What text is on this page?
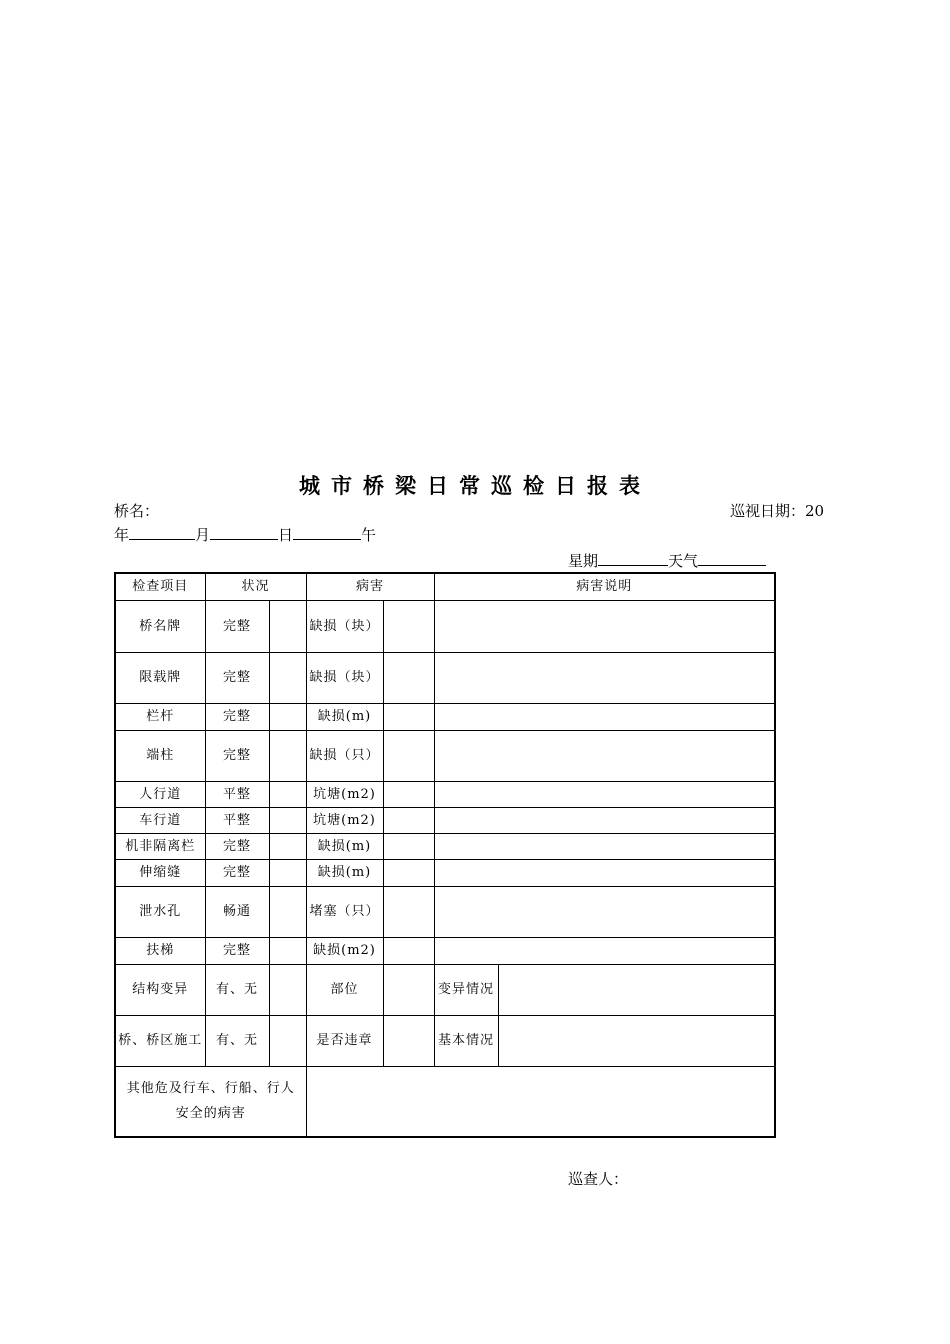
城市桥梁日常巡检日报表
桥名：	巡视日期：20
年	月	日	午
星期	天气
检查项目	状况		病害		病害说明	
桥名牌	完整		缺损（块）			
限载牌	完整		缺损（块）			
栏杆	完整		缺损(m)			
端柱	完整		缺损（只）			
人行道	平整		坑塘(m2)			
车行道	平整		坑塘(m2)			
机非隔离栏	完整		缺损(m)			
伸缩缝	完整		缺损(m)			
泄水孔	畅通		堵塞（只）			
扶梯	完整		缺损(m2)			
结构变异	有、无		部位		变异情况	
桥、桥区施工	有、无		是否违章		基本情况	
其他危及行车、行船、行人安全的病害						
巡查人：
